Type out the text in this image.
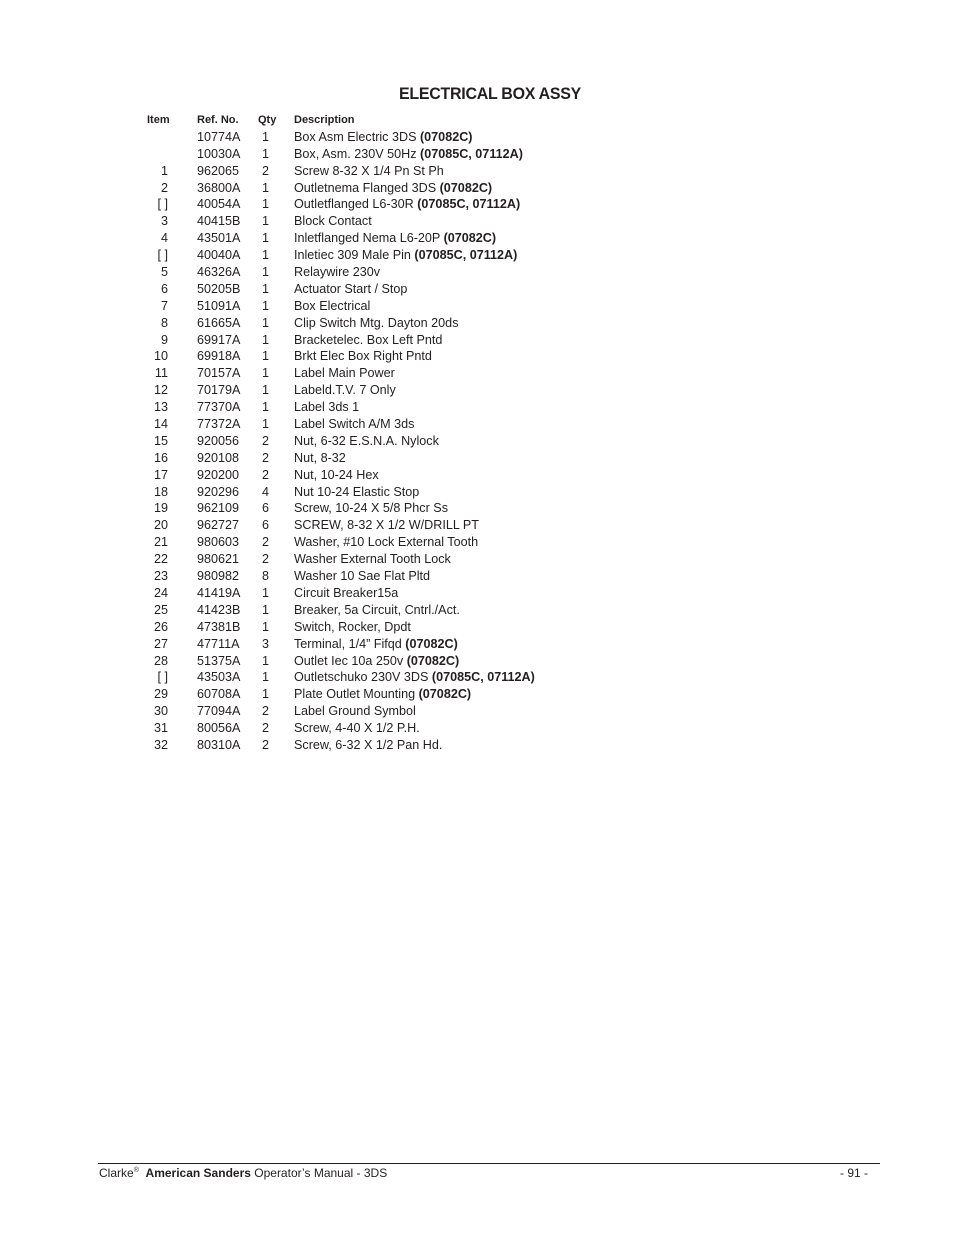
ELECTRICAL BOX ASSY
Item Ref. No. Qty Description
10774A 1 Box Asm Electric 3DS (07082C)
10030A 1 Box, Asm. 230V 50Hz (07085C, 07112A)
1 962065 2 Screw 8-32 X 1/4 Pn St Ph
2 36800A 1 Outletnema Flanged 3DS (07082C)
[ ] 40054A 1 Outletflanged L6-30R (07085C, 07112A)
3 40415B 1 Block Contact
4 43501A 1 Inletflanged Nema L6-20P (07082C)
[ ] 40040A 1 Inletiec 309 Male Pin (07085C, 07112A)
5 46326A 1 Relaywire 230v
6 50205B 1 Actuator Start / Stop
7 51091A 1 Box Electrical
8 61665A 1 Clip Switch Mtg. Dayton 20ds
9 69917A 1 Bracketelec. Box Left Pntd
10 69918A 1 Brkt Elec Box Right Pntd
11 70157A 1 Label Main Power
12 70179A 1 Labeld.T.V. 7 Only
13 77370A 1 Label 3ds 1
14 77372A 1 Label Switch A/M 3ds
15 920056 2 Nut, 6-32 E.S.N.A. Nylock
16 920108 2 Nut, 8-32
17 920200 2 Nut, 10-24 Hex
18 920296 4 Nut 10-24 Elastic Stop
19 962109 6 Screw, 10-24 X 5/8 Phcr Ss
20 962727 6 SCREW, 8-32 X 1/2 W/DRILL PT
21 980603 2 Washer, #10 Lock External Tooth
22 980621 2 Washer External Tooth Lock
23 980982 8 Washer 10 Sae Flat Pltd
24 41419A 1 Circuit Breaker15a
25 41423B 1 Breaker, 5a Circuit, Cntrl./Act.
26 47381B 1 Switch, Rocker, Dpdt
27 47711A 3 Terminal, 1/4” Fifqd (07082C)
28 51375A 1 Outlet Iec 10a 250v (07082C)
[ ] 43503A 1 Outletschuko 230V 3DS (07085C, 07112A)
29 60708A 1 Plate Outlet Mounting (07082C)
30 77094A 2 Label Ground Symbol
31 80056A 2 Screw, 4-40 X 1/2 P.H.
32 80310A 2 Screw, 6-32 X 1/2 Pan Hd.
Clarke® American Sanders Operator’s Manual - 3DS	- 91 -
